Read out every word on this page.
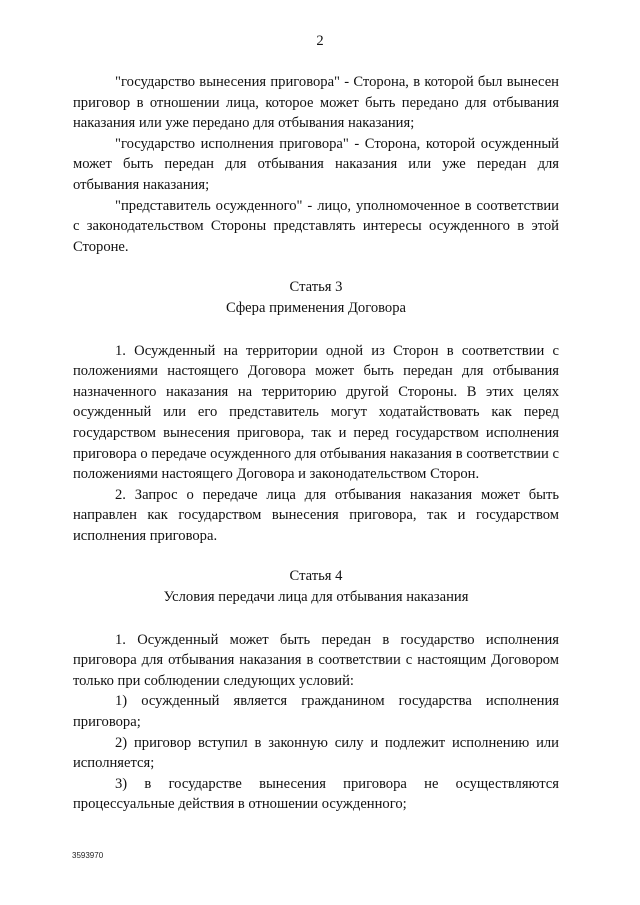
2

"государство вынесения приговора" - Сторона, в которой был вынесен приговор в отношении лица, которое может быть передано для отбывания наказания или уже передано для отбывания наказания;

"государство исполнения приговора" - Сторона, которой осужденный может быть передан для отбывания наказания или уже передан для отбывания наказания;

"представитель осужденного" - лицо, уполномоченное в соответствии с законодательством Стороны представлять интересы осужденного в этой Стороне.

Статья 3

Сфера применения Договора

1. Осужденный на территории одной из Сторон в соответствии с положениями настоящего Договора может быть передан для отбывания назначенного наказания на территорию другой Стороны. В этих целях осужденный или его представитель могут ходатайствовать как перед государством вынесения приговора, так и перед государством исполнения приговора о передаче осужденного для отбывания наказания в соответствии с положениями настоящего Договора и законодательством Сторон.

2. Запрос о передаче лица для отбывания наказания может быть направлен как государством вынесения приговора, так и государством исполнения приговора.

Статья 4

Условия передачи лица для отбывания наказания

1. Осужденный может быть передан в государство исполнения приговора для отбывания наказания в соответствии с настоящим Договором только при соблюдении следующих условий:

1) осужденный является гражданином государства исполнения приговора;

2) приговор вступил в законную силу и подлежит исполнению или исполняется;

3) в государстве вынесения приговора не осуществляются процессуальные действия в отношении осужденного;

3593970
